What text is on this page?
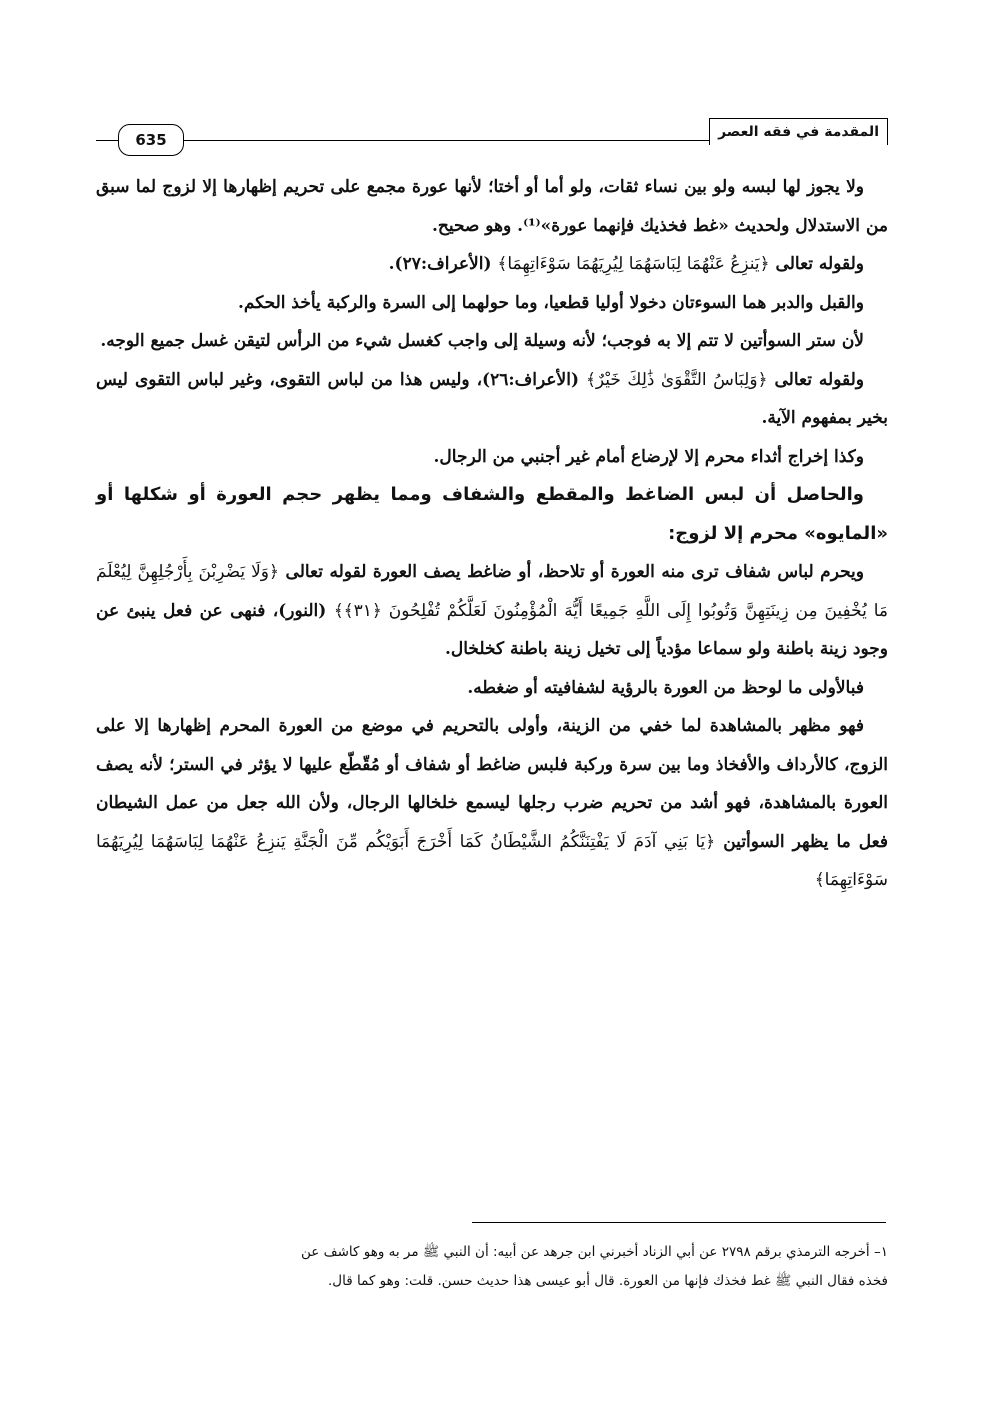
المقدمة في فقه العصر
635

ولا يجوز لها لبسه ولو بين نساء ثقات، ولو أما أو أختا؛ لأنها عورة مجمع على تحريم إظهارها إلا لزوج لما سبق من الاستدلال ولحديث «غط فخذيك فإنهما عورة»⁽¹⁾. وهو صحيح.

ولقوله تعالى ﴿يَنزِعُ عَنْهُمَا لِبَاسَهُمَا لِيُرِيَهُمَا سَوْءَاتِهِمَا﴾ (الأعراف:٢٧).

والقبل والدبر هما السوءتان دخولا أوليا قطعيا، وما حولهما إلى السرة والركبة يأخذ الحكم.

لأن ستر السوأتين لا تتم إلا به فوجب؛ لأنه وسيلة إلى واجب كغسل شيء من الرأس لتيقن غسل جميع الوجه.

ولقوله تعالى ﴿وَلِبَاسُ التَّقْوَىٰ ذَٰلِكَ خَيْرٌ﴾ (الأعراف:٢٦)، وليس هذا من لباس التقوى، وغير لباس التقوى ليس بخير بمفهوم الآية.

وكذا إخراج أثداء محرم إلا لإرضاع أمام غير أجنبي من الرجال.

والحاصل أن لبس الضاغط والمقطع والشفاف ومما يظهر حجم العورة أو شكلها أو «المايوه» محرم إلا لزوج:

ويحرم لباس شفاف ترى منه العورة أو تلاحظ، أو ضاغط يصف العورة لقوله تعالى ﴿وَلَا يَضْرِبْنَ بِأَرْجُلِهِنَّ لِيُعْلَمَ مَا يُخْفِينَ مِن زِينَتِهِنَّ وَتُوبُوا إِلَى اللَّهِ جَمِيعًا أَيُّهَ الْمُؤْمِنُونَ لَعَلَّكُمْ تُفْلِحُونَ ﴿٣١﴾﴾ (النور)، فنهى عن فعل ينبئ عن وجود زينة باطنة ولو سماعا مؤدياً إلى تخيل زينة باطنة كخلخال.

فبالأولى ما لوحظ من العورة بالرؤية لشفافيته أو ضغطه.

فهو مظهر بالمشاهدة لما خفي من الزينة، وأولى بالتحريم في موضع من العورة المحرم إظهارها إلا على الزوج، كالأرداف والأفخاذ وما بين سرة وركبة فلبس ضاغط أو شفاف أو مُقّطّع عليها لا يؤثر في الستر؛ لأنه يصف العورة بالمشاهدة، فهو أشد من تحريم ضرب رجلها ليسمع خلخالها الرجال، ولأن الله جعل من عمل الشيطان فعل ما يظهر السوأتين ﴿يَا بَنِي آدَمَ لَا يَفْتِنَنَّكُمُ الشَّيْطَانُ كَمَا أَخْرَجَ أَبَوَيْكُم مِّنَ الْجَنَّةِ يَنزِعُ عَنْهُمَا لِبَاسَهُمَا لِيُرِيَهُمَا سَوْءَاتِهِمَا﴾

١– أخرجه الترمذي برقم ٢٧٩٨ عن أبي الزناد أخبرني ابن جرهد عن أبيه: أن النبي ﷺ مر به وهو كاشف عن

فخذه فقال النبي ﷺ غط فخذك فإنها من العورة. قال أبو عيسى هذا حديث حسن. قلت: وهو كما قال.
